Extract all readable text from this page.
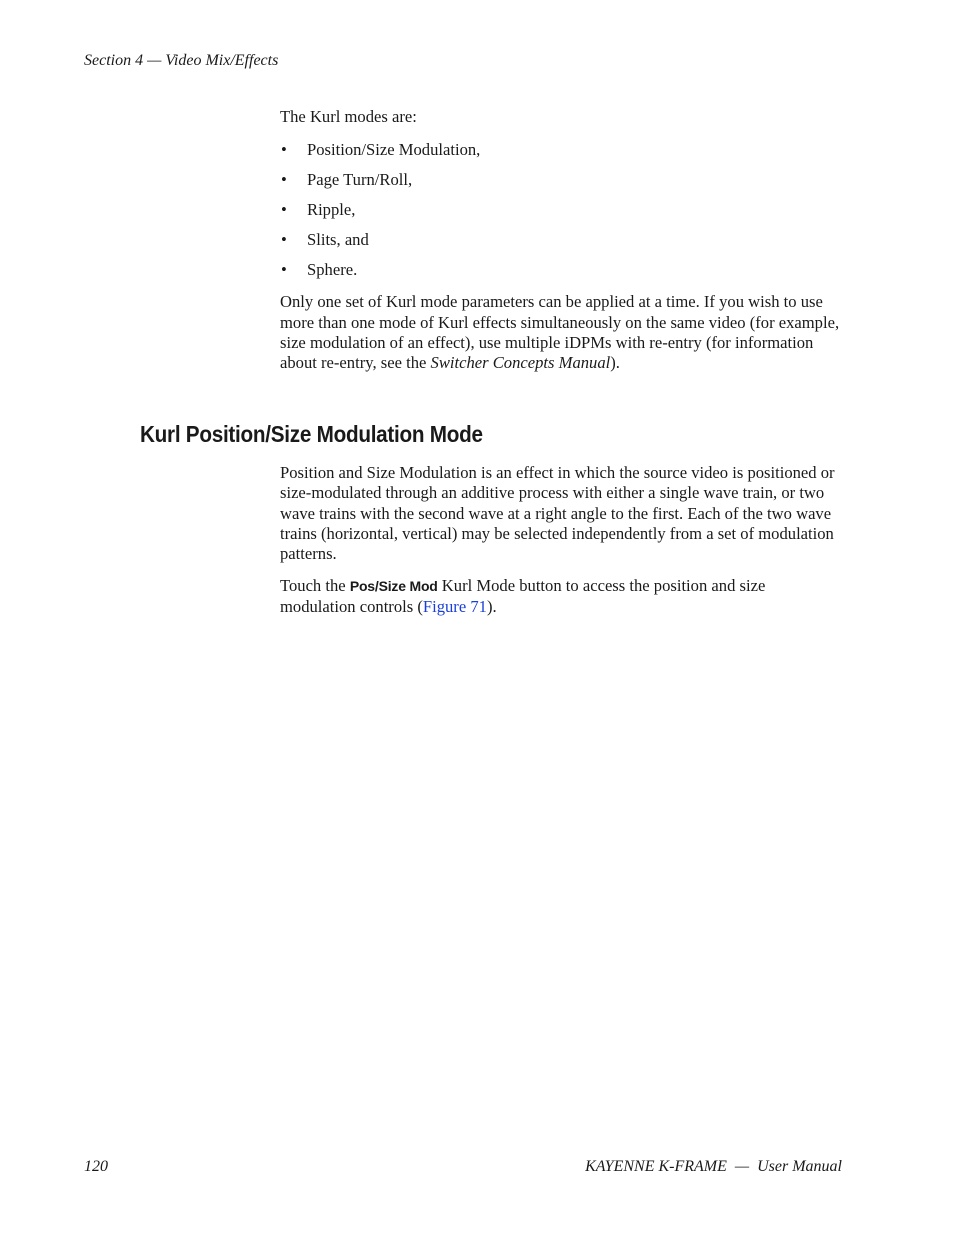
Section 4 — Video Mix/Effects

The Kurl modes are:

• Position/Size Modulation,
• Page Turn/Roll,
• Ripple,
• Slits, and
• Sphere.

Only one set of Kurl mode parameters can be applied at a time. If you wish to use more than one mode of Kurl effects simultaneously on the same video (for example, size modulation of an effect), use multiple iDPMs with re-entry (for information about re-entry, see the Switcher Concepts Manual).

Kurl Position/Size Modulation Mode

Position and Size Modulation is an effect in which the source video is positioned or size-modulated through an additive process with either a single wave train, or two wave trains with the second wave at a right angle to the first. Each of the two wave trains (horizontal, vertical) may be selected independently from a set of modulation patterns.

Touch the Pos/Size Mod Kurl Mode button to access the position and size modulation controls (Figure 71).

120	KAYENNE K-FRAME  —  User Manual
